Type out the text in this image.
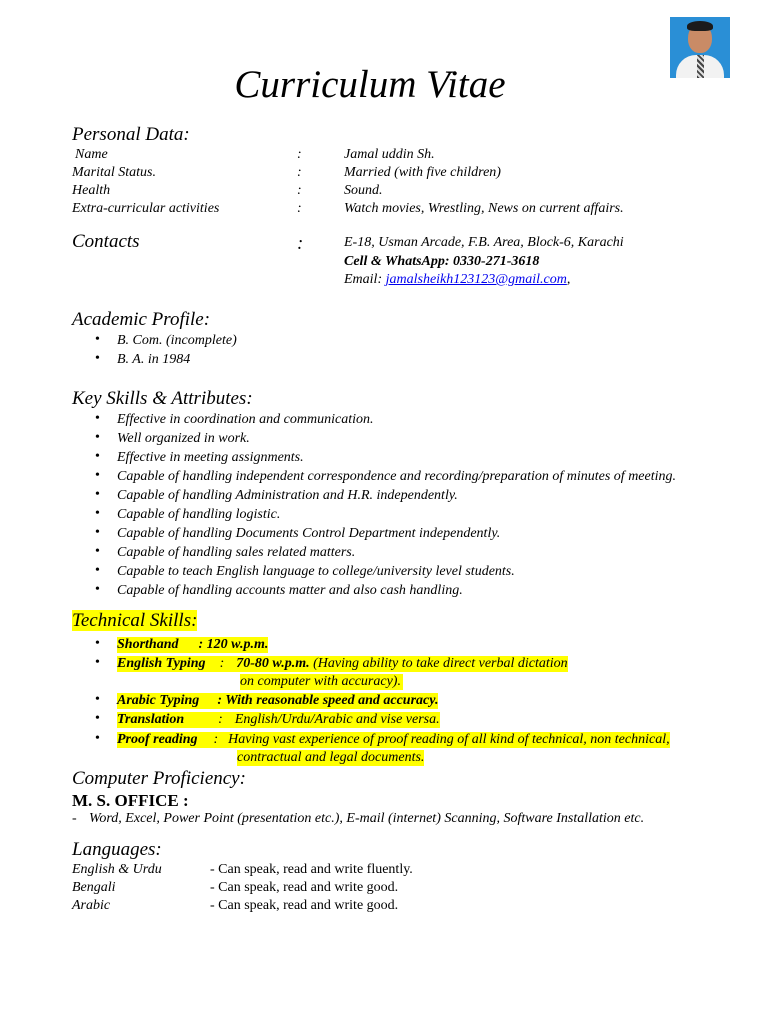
Curriculum Vitae
Personal Data:
Name	:	Jamal uddin Sh.
Marital Status.	:	Married (with five children)
Health	:	Sound.
Extra-curricular activities	:	Watch movies, Wrestling, News on current affairs.
Contacts	:	E-18, Usman Arcade, F.B. Area, Block-6, Karachi
Cell & WhatsApp: 0330-271-3618
Email: jamalsheikh123123@gmail.com,
Academic Profile:
• B. Com. (incomplete)
• B. A. in 1984
Key Skills & Attributes:
• Effective in coordination and communication.
• Well organized in work.
• Effective in meeting assignments.
• Capable of handling independent correspondence and recording/preparation of minutes of meeting.
• Capable of handling Administration and H.R. independently.
• Capable of handling logistic.
• Capable of handling Documents Control Department independently.
• Capable of handling sales related matters.
• Capable to teach English language to college/university level students.
• Capable of handling accounts matter and also cash handling.
Technical Skills:
• Shorthand : 120 w.p.m.
• English Typing : 70-80 w.p.m. (Having ability to take direct verbal dictation
on computer with accuracy).
• Arabic Typing : With reasonable speed and accuracy.
• Translation : English/Urdu/Arabic and vise versa.
• Proof reading : Having vast experience of proof reading of all kind of technical, non technical,
contractual and legal documents.
Computer Proficiency:
M. S. OFFICE :
- Word, Excel, Power Point (presentation etc.), E-mail (internet) Scanning, Software Installation etc.
Languages:
English & Urdu	- Can speak, read and write fluently.
Bengali	- Can speak, read and write good.
Arabic	- Can speak, read and write good.
